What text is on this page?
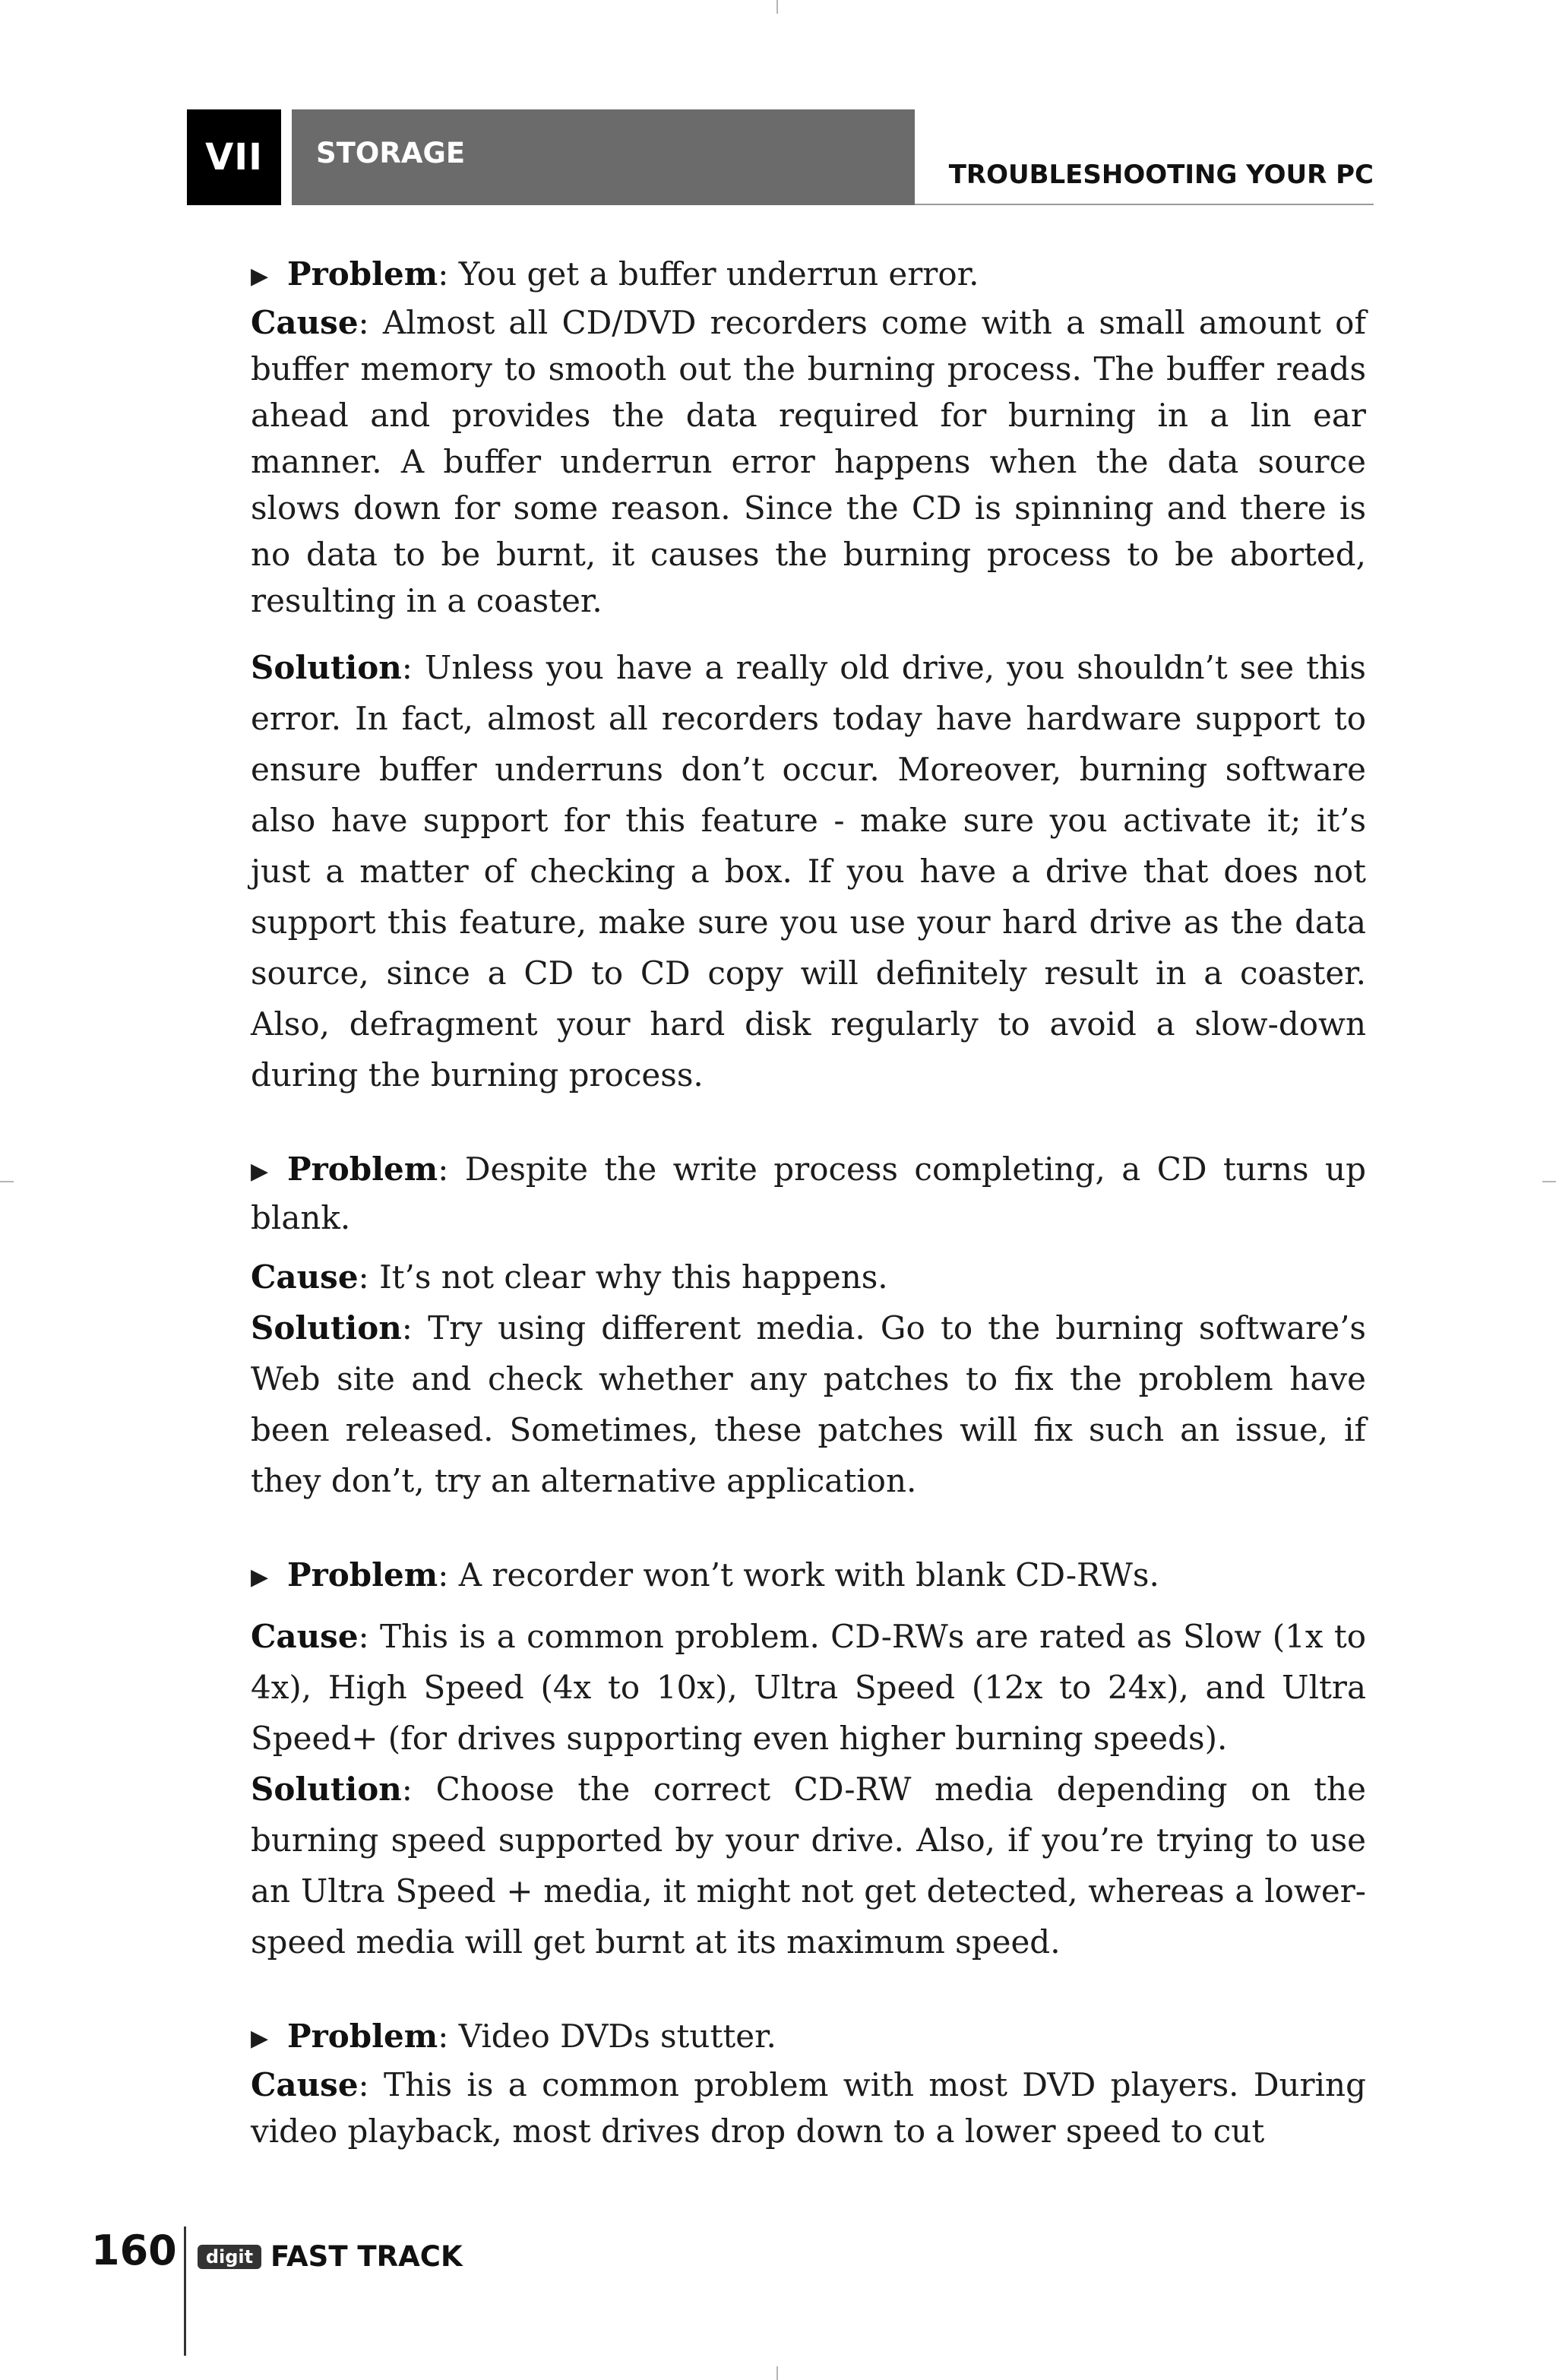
VII	STORAGE
TROUBLESHOOTING YOUR PC

▶ Problem: You get a buffer underrun error.

Cause: Almost all CD/DVD recorders come with a small amount of buffer memory to smooth out the burning process. The buffer reads ahead and provides the data required for burning in a lin ear manner. A buffer underrun error happens when the data source slows down for some reason. Since the CD is spinning and there is no data to be burnt, it causes the burning process to be aborted, resulting in a coaster.

Solution: Unless you have a really old drive, you shouldn’t see this error. In fact, almost all recorders today have hardware support to ensure buffer underruns don’t occur. Moreover, burning software also have support for this feature - make sure you activate it; it’s just a matter of checking a box. If you have a drive that does not support this feature, make sure you use your hard drive as the data source, since a CD to CD copy will definitely result in a coaster. Also, defragment your hard disk regularly to avoid a slow-down during the burning process.

▶ Problem: Despite the write process completing, a CD turns up blank.

Cause: It’s not clear why this happens.

Solution: Try using different media. Go to the burning software’s Web site and check whether any patches to fix the problem have been released. Sometimes, these patches will fix such an issue, if they don’t, try an alternative application.

▶ Problem: A recorder won’t work with blank CD-RWs.

Cause: This is a common problem. CD-RWs are rated as Slow (1x to 4x), High Speed (4x to 10x), Ultra Speed (12x to 24x), and Ultra Speed+ (for drives supporting even higher burning speeds).

Solution: Choose the correct CD-RW media depending on the burning speed supported by your drive. Also, if you’re trying to use an Ultra Speed + media, it might not get detected, whereas a lower-speed media will get burnt at its maximum speed.

▶ Problem: Video DVDs stutter.

Cause: This is a common problem with most DVD players. During video playback, most drives drop down to a lower speed to cut

160	digit FAST TRACK
